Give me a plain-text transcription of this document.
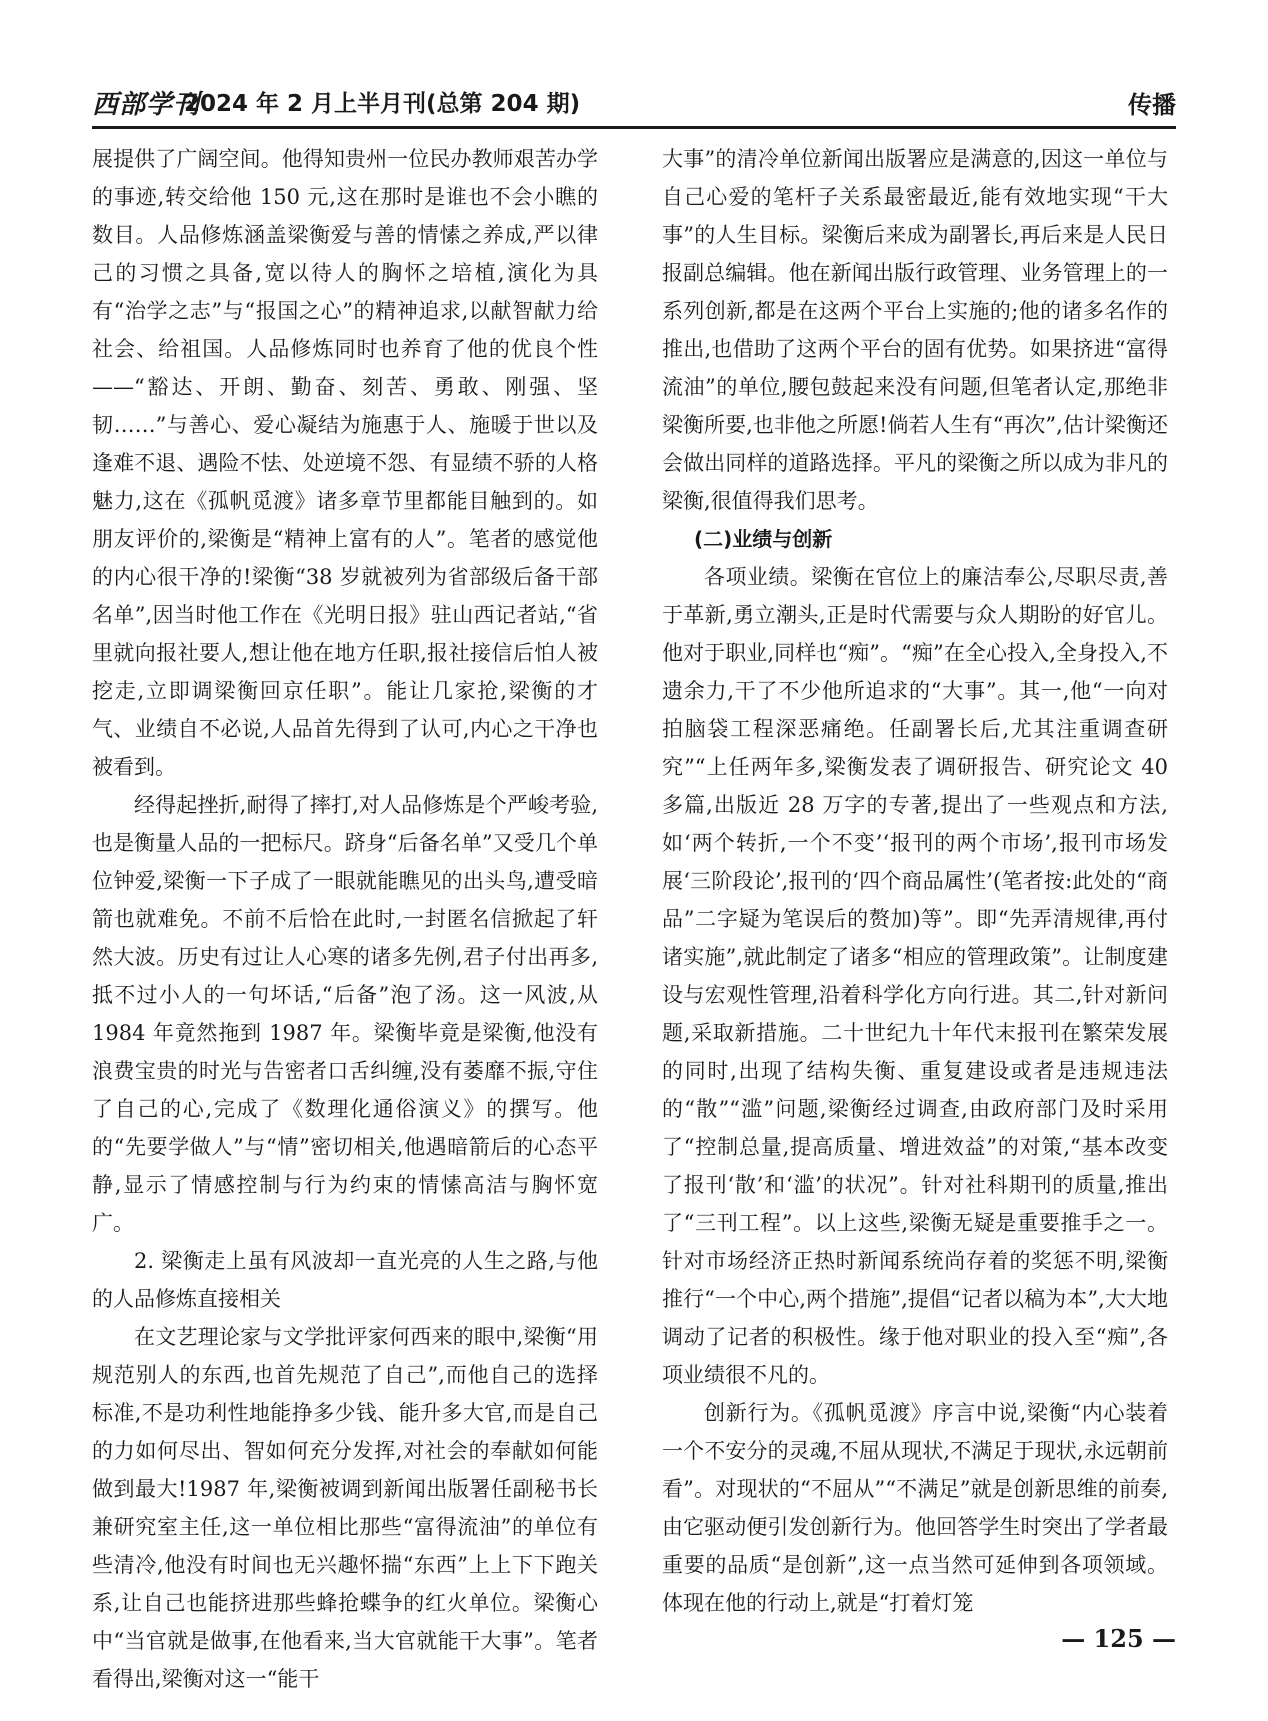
西部学刊
2024 年 2 月上半月刊(总第 204 期)	传播

展提供了广阔空间。他得知贵州一位民办教师艰苦办学的事迹,转交给他 150 元,这在那时是谁也不会小瞧的数目。人品修炼涵盖梁衡爱与善的情愫之养成,严以律己的习惯之具备,宽以待人的胸怀之培植,演化为具有“治学之志”与“报国之心”的精神追求,以献智献力给社会、给祖国。人品修炼同时也养育了他的优良个性——“豁达、开朗、勤奋、刻苦、勇敢、刚强、坚韧……”与善心、爱心凝结为施惠于人、施暖于世以及逢难不退、遇险不怯、处逆境不怨、有显绩不骄的人格魅力,这在《孤帆觅渡》诸多章节里都能目触到的。如朋友评价的,梁衡是“精神上富有的人”。笔者的感觉他的内心很干净的!梁衡“38 岁就被列为省部级后备干部名单”,因当时他工作在《光明日报》驻山西记者站,“省里就向报社要人,想让他在地方任职,报社接信后怕人被挖走,立即调梁衡回京任职”。能让几家抢,梁衡的才气、业绩自不必说,人品首先得到了认可,内心之干净也被看到。

经得起挫折,耐得了摔打,对人品修炼是个严峻考验,也是衡量人品的一把标尺。跻身“后备名单”又受几个单位钟爱,梁衡一下子成了一眼就能瞧见的出头鸟,遭受暗箭也就难免。不前不后恰在此时,一封匿名信掀起了轩然大波。历史有过让人心寒的诸多先例,君子付出再多,抵不过小人的一句坏话,“后备”泡了汤。这一风波,从 1984 年竟然拖到 1987 年。梁衡毕竟是梁衡,他没有浪费宝贵的时光与告密者口舌纠缠,没有萎靡不振,守住了自己的心,完成了《数理化通俗演义》的撰写。他的“先要学做人”与“情”密切相关,他遇暗箭后的心态平静,显示了情感控制与行为约束的情愫高洁与胸怀宽广。

2. 梁衡走上虽有风波却一直光亮的人生之路,与他的人品修炼直接相关

在文艺理论家与文学批评家何西来的眼中,梁衡“用规范别人的东西,也首先规范了自己”,而他自己的选择标准,不是功利性地能挣多少钱、能升多大官,而是自己的力如何尽出、智如何充分发挥,对社会的奉献如何能做到最大!1987 年,梁衡被调到新闻出版署任副秘书长兼研究室主任,这一单位相比那些“富得流油”的单位有些清冷,他没有时间也无兴趣怀揣“东西”上上下下跑关系,让自己也能挤进那些蜂抢蝶争的红火单位。梁衡心中“当官就是做事,在他看来,当大官就能干大事”。笔者看得出,梁衡对这一“能干

大事”的清冷单位新闻出版署应是满意的,因这一单位与自己心爱的笔杆子关系最密最近,能有效地实现“干大事”的人生目标。梁衡后来成为副署长,再后来是人民日报副总编辑。他在新闻出版行政管理、业务管理上的一系列创新,都是在这两个平台上实施的;他的诸多名作的推出,也借助了这两个平台的固有优势。如果挤进“富得流油”的单位,腰包鼓起来没有问题,但笔者认定,那绝非梁衡所要,也非他之所愿!倘若人生有“再次”,估计梁衡还会做出同样的道路选择。平凡的梁衡之所以成为非凡的梁衡,很值得我们思考。

(二)业绩与创新

各项业绩。梁衡在官位上的廉洁奉公,尽职尽责,善于革新,勇立潮头,正是时代需要与众人期盼的好官儿。他对于职业,同样也“痴”。“痴”在全心投入,全身投入,不遗余力,干了不少他所追求的“大事”。其一,他“一向对拍脑袋工程深恶痛绝。任副署长后,尤其注重调查研究”“上任两年多,梁衡发表了调研报告、研究论文 40 多篇,出版近 28 万字的专著,提出了一些观点和方法,如‘两个转折,一个不变’‘报刊的两个市场’,报刊市场发展‘三阶段论’,报刊的‘四个商品属性’(笔者按:此处的“商品”二字疑为笔误后的赘加)等”。即“先弄清规律,再付诸实施”,就此制定了诸多“相应的管理政策”。让制度建设与宏观性管理,沿着科学化方向行进。其二,针对新问题,采取新措施。二十世纪九十年代末报刊在繁荣发展的同时,出现了结构失衡、重复建设或者是违规违法的“散”“滥”问题,梁衡经过调查,由政府部门及时采用了“控制总量,提高质量、增进效益”的对策,“基本改变了报刊‘散’和‘滥’的状况”。针对社科期刊的质量,推出了“三刊工程”。以上这些,梁衡无疑是重要推手之一。针对市场经济正热时新闻系统尚存着的奖惩不明,梁衡推行“一个中心,两个措施”,提倡“记者以稿为本”,大大地调动了记者的积极性。缘于他对职业的投入至“痴”,各项业绩很不凡的。

创新行为。《孤帆觅渡》序言中说,梁衡“内心装着一个不安分的灵魂,不屈从现状,不满足于现状,永远朝前看”。对现状的“不屈从”“不满足”就是创新思维的前奏,由它驱动便引发创新行为。他回答学生时突出了学者最重要的品质“是创新”,这一点当然可延伸到各项领域。体现在他的行动上,就是“打着灯笼

— 125 —
